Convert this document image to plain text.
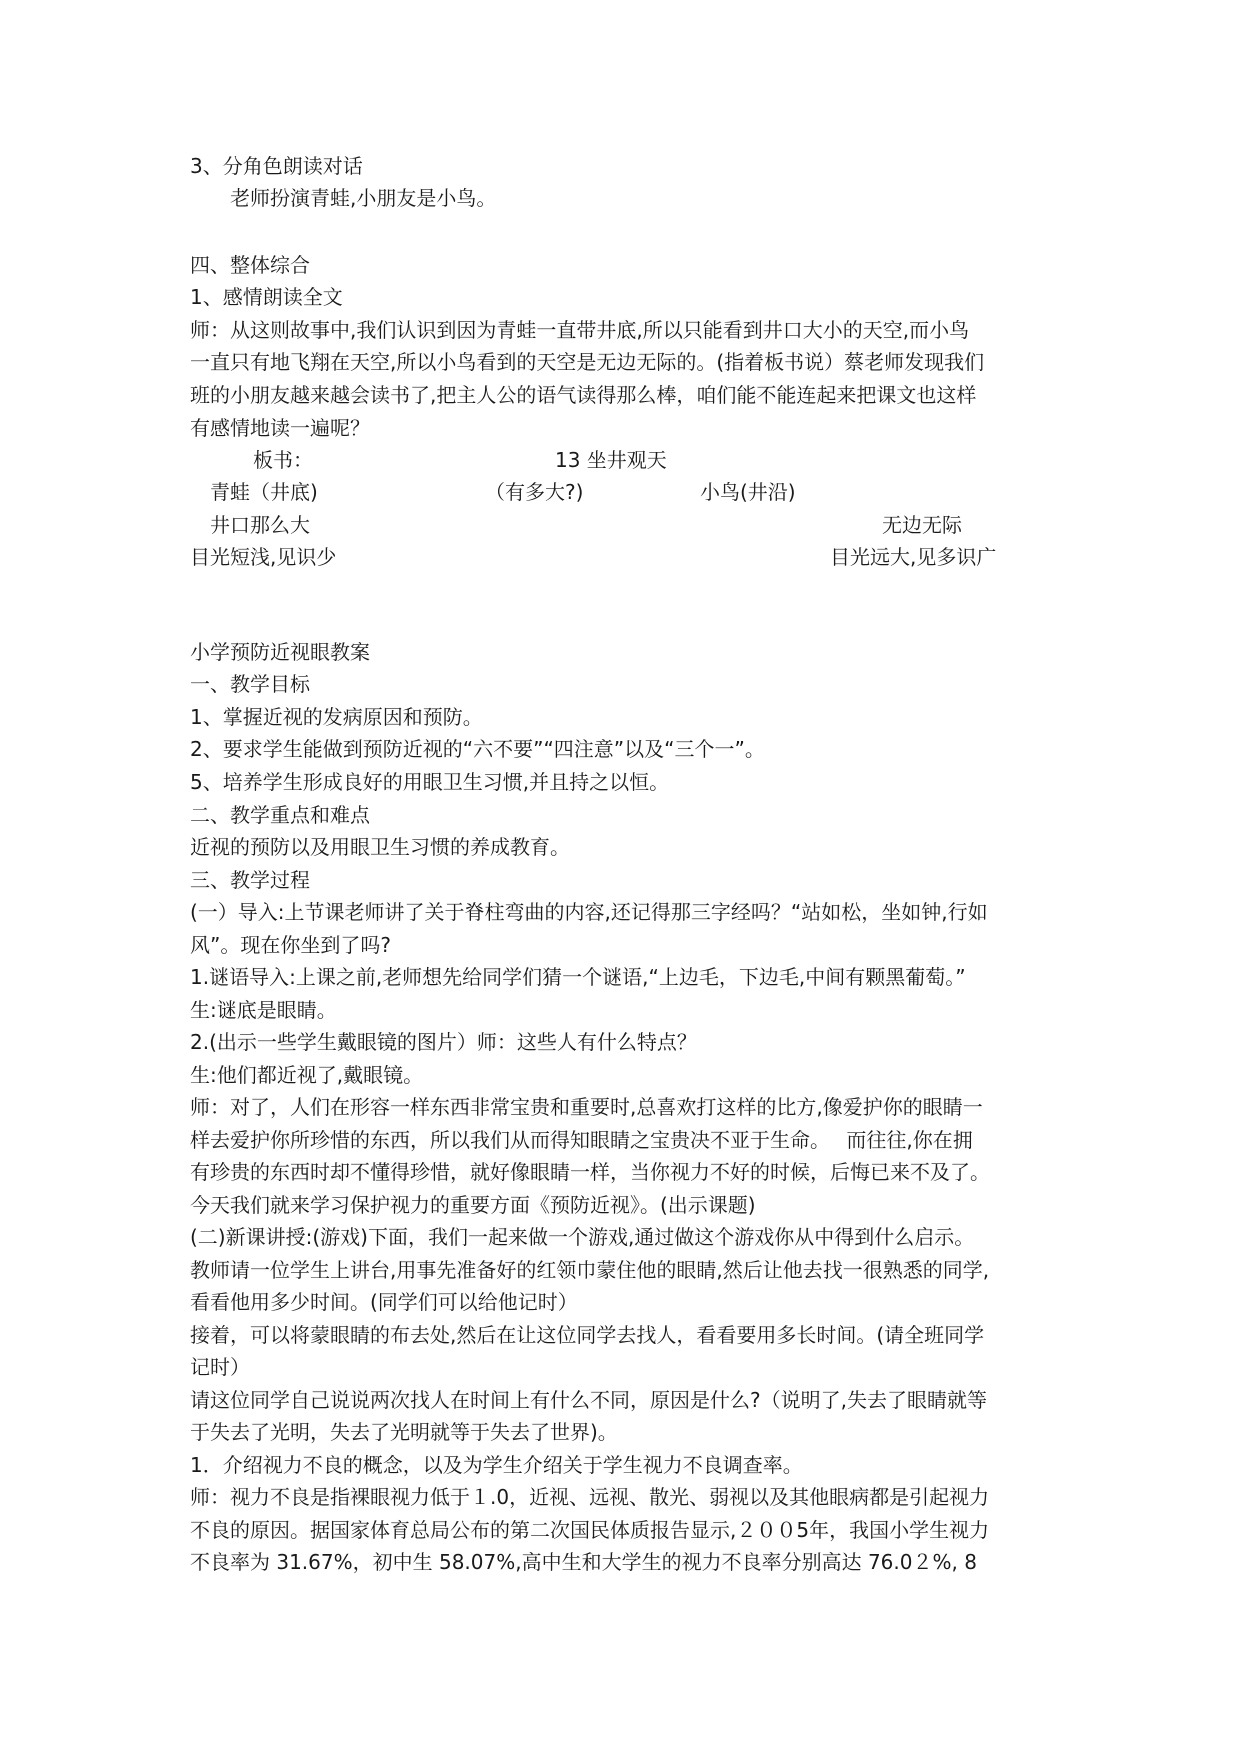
3、分角色朗读对话

　　老师扮演青蛙,小朋友是小鸟。

四、整体综合

1、感情朗读全文

师：从这则故事中,我们认识到因为青蛙一直带井底,所以只能看到井口大小的天空,而小鸟

一直只有地飞翔在天空,所以小鸟看到的天空是无边无际的。(指着板书说）蔡老师发现我们

班的小朋友越来越会读书了,把主人公的语气读得那么棒，咱们能不能连起来把课文也这样

有感情地读一遍呢？

板书：	13 坐井观天

青蛙（井底)	（有多大?)	小鸟(井沿)

井口那么大	无边无际

目光短浅,见识少	目光远大,见多识广

小学预防近视眼教案

一、教学目标

1、掌握近视的发病原因和预防。

2、要求学生能做到预防近视的“六不要”“四注意”以及“三个一”。

5、培养学生形成良好的用眼卫生习惯,并且持之以恒。

二、教学重点和难点

近视的预防以及用眼卫生习惯的养成教育。

三、教学过程

(一）导入:上节课老师讲了关于脊柱弯曲的内容,还记得那三字经吗？“站如松，坐如钟,行如

风”。现在你坐到了吗?

1.谜语导入:上课之前,老师想先给同学们猜一个谜语,“上边毛，下边毛,中间有颗黑葡萄。”

生:谜底是眼睛。

2.(出示一些学生戴眼镜的图片）师：这些人有什么特点？

生:他们都近视了,戴眼镜。

师：对了，人们在形容一样东西非常宝贵和重要时,总喜欢打这样的比方,像爱护你的眼睛一

样去爱护你所珍惜的东西，所以我们从而得知眼睛之宝贵决不亚于生命。　 而往往,你在拥

有珍贵的东西时却不懂得珍惜，就好像眼睛一样，当你视力不好的时候，后悔已来不及了。

今天我们就来学习保护视力的重要方面《预防近视》。(出示课题)

(二)新课讲授:(游戏)下面，我们一起来做一个游戏,通过做这个游戏你从中得到什么启示。

教师请一位学生上讲台,用事先准备好的红领巾蒙住他的眼睛,然后让他去找一很熟悉的同学,

看看他用多少时间。(同学们可以给他记时）

接着，可以将蒙眼睛的布去处,然后在让这位同学去找人，看看要用多长时间。(请全班同学

记时）

请这位同学自己说说两次找人在时间上有什么不同，原因是什么?（说明了,失去了眼睛就等

于失去了光明，失去了光明就等于失去了世界)。

1．介绍视力不良的概念，以及为学生介绍关于学生视力不良调查率。

师：视力不良是指裸眼视力低于１.0，近视、远视、散光、弱视以及其他眼病都是引起视力

不良的原因。据国家体育总局公布的第二次国民体质报告显示,２００5年，我国小学生视力

不良率为 31.67%，初中生 58.07%,高中生和大学生的视力不良率分别高达 76.0２%, 8
